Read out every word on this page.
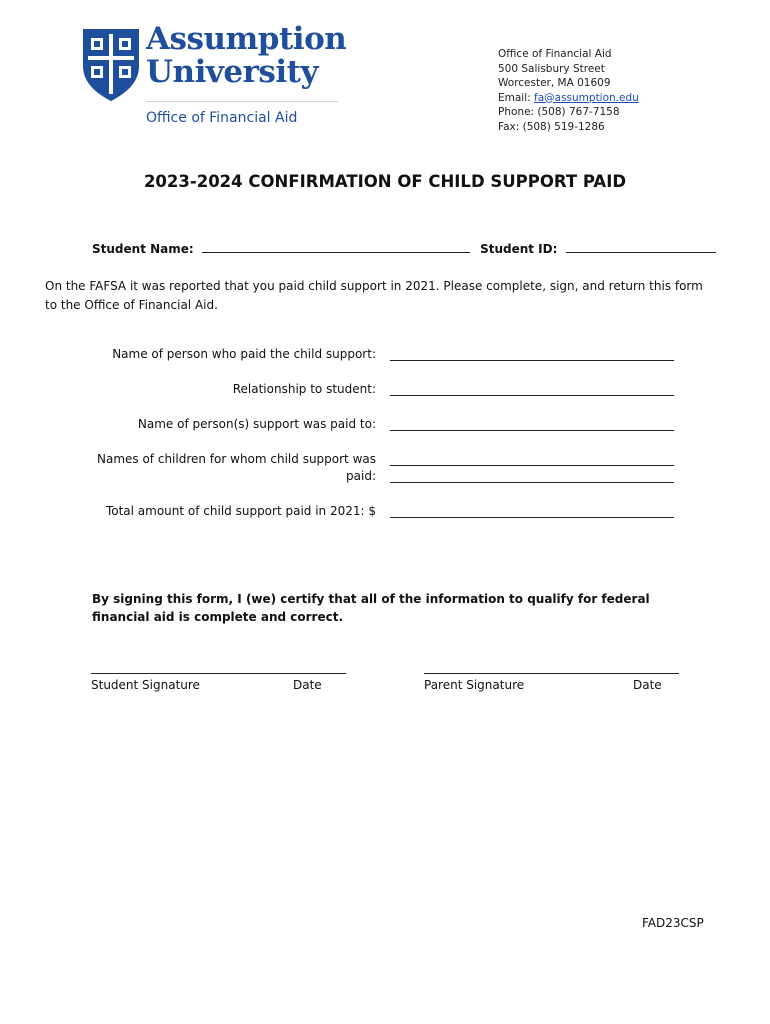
Assumption
University
Office of Financial Aid
Office of Financial Aid
500 Salisbury Street
Worcester, MA 01609
Email: fa@assumption.edu
Phone: (508) 767-7158
Fax: (508) 519-1286
2023-2024 CONFIRMATION OF CHILD SUPPORT PAID
Student Name:	Student ID:
On the FAFSA it was reported that you paid child support in 2021. Please complete, sign, and return this form to the Office of Financial Aid.
Name of person who paid the child support:
Relationship to student:
Name of person(s) support was paid to:
Names of children for whom child support was
paid:
Total amount of child support paid in 2021: $
By signing this form, I (we) certify that all of the information to qualify for federal financial aid is complete and correct.
Student Signature	Date	Parent Signature	Date
FAD23CSP
